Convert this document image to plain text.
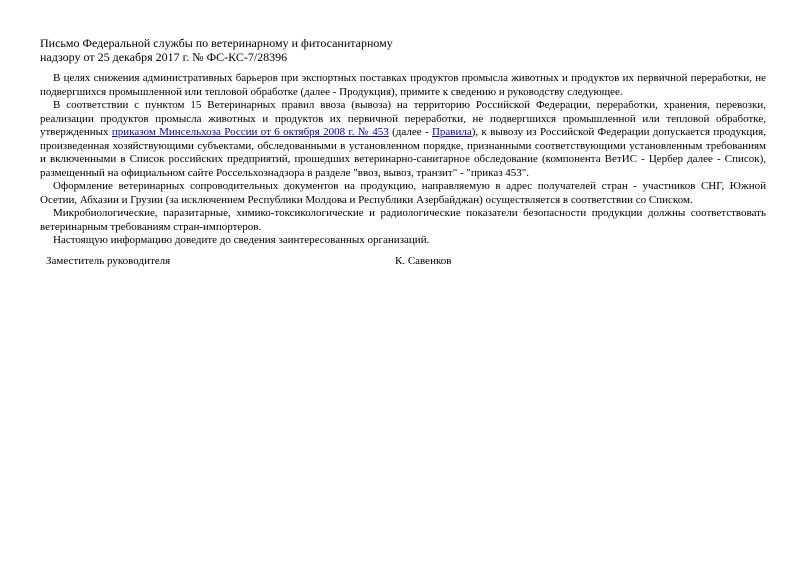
Письмо Федеральной службы по ветеринарному и фитосанитарному
надзору от 25 декабря 2017 г. № ФС-КС-7/28396

В целях снижения административных барьеров при экспортных поставках продуктов промысла животных и продуктов их первичной переработки, не подвергшихся промышленной или тепловой обработке (далее - Продукция), примите к сведению и руководству следующее.

В соответствии с пунктом 15 Ветеринарных правил ввоза (вывоза) на территорию Российской Федерации, переработки, хранения, перевозки, реализации продуктов промысла животных и продуктов их первичной переработки, не подвергшихся промышленной или тепловой обработке, утвержденных приказом Минсельхоза России от 6 октября 2008 г. № 453 (далее - Правила), к вывозу из Российской Федерации допускается продукция, произведенная хозяйствующими субъектами, обследованными в установленном порядке, признанными соответствующими установленным требованиям и включенными в Список российских предприятий, прошедших ветеринарно-санитарное обследование (компонента ВетИС - Цербер далее - Список), размещенный на официальном сайте Россельхознадзора в разделе "ввоз, вывоз, транзит" - "приказ 453".

Оформление ветеринарных сопроводительных документов на продукцию, направляемую в адрес получателей стран - участников СНГ, Южной Осетии, Абхазии и Грузии (за исключением Республики Молдова и Республики Азербайджан) осуществляется в соответствии со Списком.

Микробиологические, паразитарные, химико-токсикологические и радиологические показатели безопасности продукции должны соответствовать ветеринарным требованиям стран-импортеров.

Настоящую информацию доведите до сведения заинтересованных организаций.

Заместитель руководителя	К. Савенков
